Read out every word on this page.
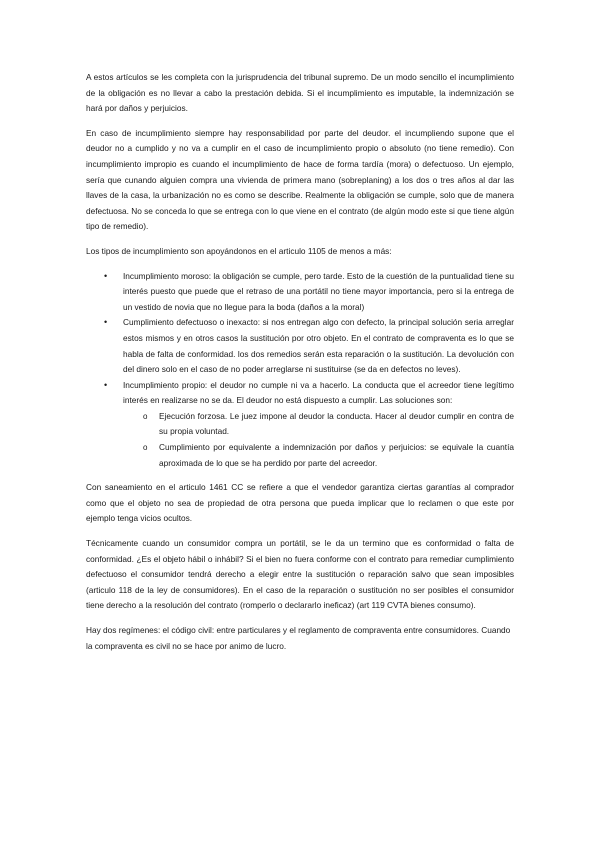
A estos artículos se les completa con la jurisprudencia del tribunal supremo. De un modo sencillo el incumplimiento de la obligación es no llevar a cabo la prestación debida. Si el incumplimiento es imputable, la indemnización se hará por daños y perjuicios.

En caso de incumplimiento siempre hay responsabilidad por parte del deudor. el incumpliendo supone que el deudor no a cumplido y no va a cumplir en el caso de incumplimiento propio o absoluto (no tiene remedio). Con incumplimiento impropio es cuando el incumplimiento de hace de forma tardía (mora) o defectuoso. Un ejemplo, sería que cunando alguien compra una vivienda de primera mano (sobreplaning) a los dos o tres años al dar las llaves de la casa, la urbanización no es como se describe. Realmente la obligación se cumple, solo que de manera defectuosa. No se conceda lo que se entrega con lo que viene en el contrato (de algún modo este si que tiene algún tipo de remedio).

Los tipos de incumplimiento son apoyándonos en el articulo 1105 de menos a más:

• Incumplimiento moroso: la obligación se cumple, pero tarde. Esto de la cuestión de la puntualidad tiene su interés puesto que puede que el retraso de una portátil no tiene mayor importancia, pero si la entrega de un vestido de novia que no llegue para la boda (daños a la moral)
• Cumplimiento defectuoso o inexacto: si nos entregan algo con defecto, la principal solución seria arreglar estos mismos y en otros casos la sustitución por otro objeto. En el contrato de compraventa es lo que se habla de falta de conformidad. los dos remedios serán esta reparación o la sustitución. La devolución con del dinero solo en el caso de no poder arreglarse ni sustituirse (se da en defectos no leves).
• Incumplimiento propio: el deudor no cumple ni va a hacerlo. La conducta que el acreedor tiene legítimo interés en realizarse no se da. El deudor no está dispuesto a cumplir. Las soluciones son:
o Ejecución forzosa. Le juez impone al deudor la conducta. Hacer al deudor cumplir en contra de su propia voluntad.
o Cumplimiento por equivalente a indemnización por daños y perjuicios: se equivale la cuantía aproximada de lo que se ha perdido por parte del acreedor.

Con saneamiento en el articulo 1461 CC se refiere a que el vendedor garantiza ciertas garantías al comprador como que el objeto no sea de propiedad de otra persona que pueda implicar que lo reclamen o que este por ejemplo tenga vicios ocultos.

Técnicamente cuando un consumidor compra un portátil, se le da un termino que es conformidad o falta de conformidad. ¿Es el objeto hábil o inhábil? Si el bien no fuera conforme con el contrato para remediar cumplimiento defectuoso el consumidor tendrá derecho a elegir entre la sustitución o reparación salvo que sean imposibles (articulo 118 de la ley de consumidores). En el caso de la reparación o sustitución no ser posibles el consumidor tiene derecho a la resolución del contrato (romperlo o declararlo ineficaz) (art 119 CVTA bienes consumo).

Hay dos regímenes: el código civil: entre particulares y el reglamento de compraventa entre consumidores. Cuando la compraventa es civil no se hace por animo de lucro.
